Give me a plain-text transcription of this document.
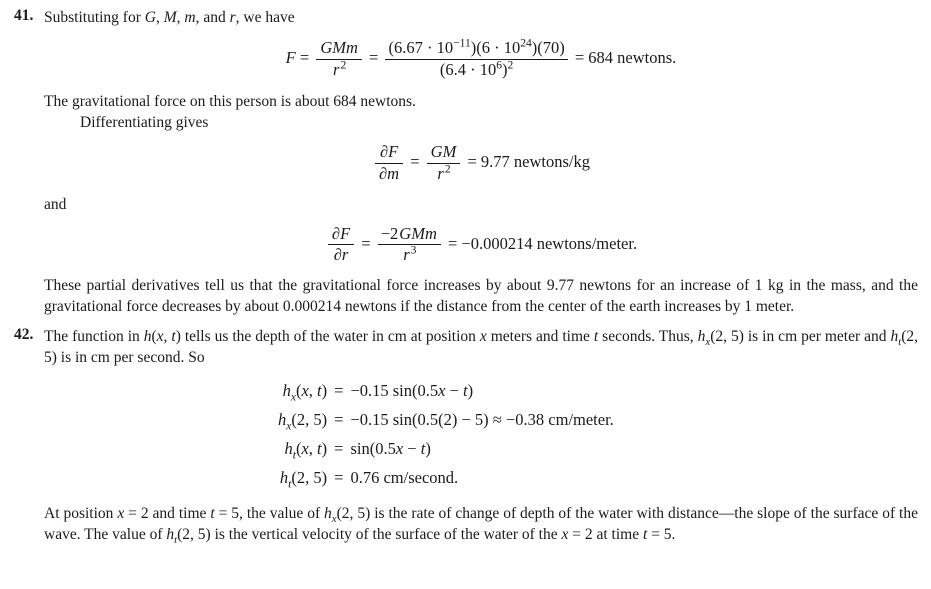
41. Substituting for G, M, m, and r, we have
$F = \frac{\text{GMm}}{r^2} = \frac{(6.67 \cdot 10^{-11})(6 \cdot 10^{24})(70)}{(6.4 \cdot 10^6)^2} = 684$ newtons.
The gravitational force on this person is about 684 newtons.
Differentiating gives
$\frac{\partial F}{\partial m} = \frac{GM}{r^2} = 9.77$ newtons/kg
and
$\frac{\partial F}{\partial r} = \frac{\text{−2GMm}}{r^3} = -0.000214$ newtons/meter.
These partial derivatives tell us that the gravitational force increases by about 9.77 newtons for an increase of 1 kg in the mass, and the gravitational force decreases by about 0.000214 newtons if the distance from the center of the earth increases by 1 meter.
42. The function in h(x, t) tells us the depth of the water in cm at position x meters and time t seconds. Thus, $h_x(2$, 5) is in cm per meter and $h_t(2$, 5) is in cm per second. So
$h_x(x$, t) = −0.15 sin(0.5x − t)
$h_x(2$, 5) = −0.15 sin(0.5(2) − 5) ≈ −0.38 cm/meter.
$h_t(x$, t) = sin(0.5x − t)
$h_t(2$, 5) = 0.76 cm/second.
At position x = 2 and time t = 5, the value of $h_x(2$, 5) is the rate of change of depth of the water with distance—the slope of the surface of the wave. The value of $h_t(2$, 5) is the vertical velocity of the surface of the water of the x = 2 at time t = 5.
